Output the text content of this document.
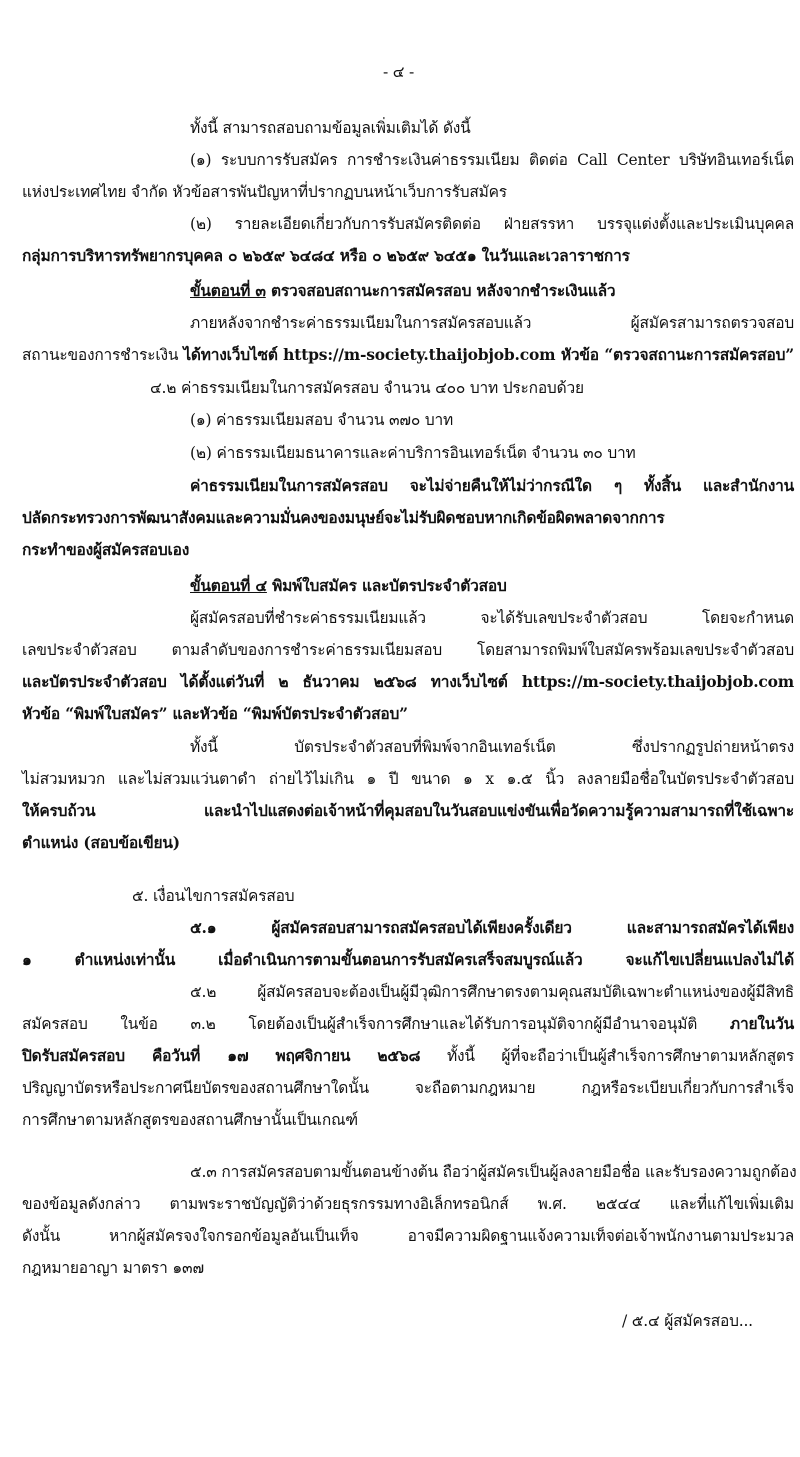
- ๔ -
ทั้งนี้ สามารถสอบถามข้อมูลเพิ่มเติมได้ ดังนี้
(๑) ระบบการรับสมัคร การชำระเงินค่าธรรมเนียม ติดต่อ Call Center บริษัทอินเทอร์เน็ต
แห่งประเทศไทย จำกัด หัวข้อสารพันปัญหาที่ปรากฏบนหน้าเว็บการรับสมัคร
(๒) รายละเอียดเกี่ยวกับการรับสมัครติดต่อ ฝ่ายสรรหา บรรจุแต่งตั้งและประเมินบุคคล
กลุ่มการบริหารทรัพยากรบุคคล ๐ ๒๖๕๙ ๖๔๘๔ หรือ ๐ ๒๖๕๙ ๖๔๕๑ ในวันและเวลาราชการ
ขั้นตอนที่ ๓ ตรวจสอบสถานะการสมัครสอบ หลังจากชำระเงินแล้ว
ภายหลังจากชำระค่าธรรมเนียมในการสมัครสอบแล้ว ผู้สมัครสามารถตรวจสอบ
สถานะของการชำระเงิน ได้ทางเว็บไซต์ https://m-society.thaijobjob.com หัวข้อ “ตรวจสถานะการสมัครสอบ”
๔.๒ ค่าธรรมเนียมในการสมัครสอบ จำนวน ๔๐๐ บาท ประกอบด้วย
(๑) ค่าธรรมเนียมสอบ จำนวน ๓๗๐ บาท
(๒) ค่าธรรมเนียมธนาคารและค่าบริการอินเทอร์เน็ต จำนวน ๓๐ บาท
ค่าธรรมเนียมในการสมัครสอบ จะไม่จ่ายคืนให้ไม่ว่ากรณีใด ๆ ทั้งสิ้น และสำนักงาน
ปลัดกระทรวงการพัฒนาสังคมและความมั่นคงของมนุษย์จะไม่รับผิดชอบหากเกิดข้อผิดพลาดจากการ
กระทำของผู้สมัครสอบเอง
ขั้นตอนที่ ๔ พิมพ์ใบสมัคร และบัตรประจำตัวสอบ
ผู้สมัครสอบที่ชำระค่าธรรมเนียมแล้ว จะได้รับเลขประจำตัวสอบ โดยจะกำหนด
เลขประจำตัวสอบ ตามลำดับของการชำระค่าธรรมเนียมสอบ โดยสามารถพิมพ์ใบสมัครพร้อมเลขประจำตัวสอบ
และบัตรประจำตัวสอบ ได้ตั้งแต่วันที่ ๒ ธันวาคม ๒๕๖๘ ทางเว็บไซต์ https://m-society.thaijobjob.com
หัวข้อ “พิมพ์ใบสมัคร” และหัวข้อ “พิมพ์บัตรประจำตัวสอบ”
ทั้งนี้ บัตรประจำตัวสอบที่พิมพ์จากอินเทอร์เน็ต ซึ่งปรากฏรูปถ่ายหน้าตรง
ไม่สวมหมวก และไม่สวมแว่นตาดำ ถ่ายไว้ไม่เกิน ๑ ปี ขนาด ๑ x ๑.๕ นิ้ว ลงลายมือชื่อในบัตรประจำตัวสอบ
ให้ครบถ้วน และนำไปแสดงต่อเจ้าหน้าที่คุมสอบในวันสอบแข่งขันเพื่อวัดความรู้ความสามารถที่ใช้เฉพาะ
ตำแหน่ง (สอบข้อเขียน)
๕. เงื่อนไขการสมัครสอบ
๕.๑ ผู้สมัครสอบสามารถสมัครสอบได้เพียงครั้งเดียว และสามารถสมัครได้เพียง
๑ ตำแหน่งเท่านั้น เมื่อดำเนินการตามขั้นตอนการรับสมัครเสร็จสมบูรณ์แล้ว จะแก้ไขเปลี่ยนแปลงไม่ได้
๕.๒ ผู้สมัครสอบจะต้องเป็นผู้มีวุฒิการศึกษาตรงตามคุณสมบัติเฉพาะตำแหน่งของผู้มีสิทธิ
สมัครสอบ ในข้อ ๓.๒ โดยต้องเป็นผู้สำเร็จการศึกษาและได้รับการอนุมัติจากผู้มีอำนาจอนุมัติ ภายในวัน
ปิดรับสมัครสอบ คือวันที่ ๑๗ พฤศจิกายน ๒๕๖๘ ทั้งนี้ ผู้ที่จะถือว่าเป็นผู้สำเร็จการศึกษาตามหลักสูตร
ปริญญาบัตรหรือประกาศนียบัตรของสถานศึกษาใดนั้น จะถือตามกฎหมาย กฎหรือระเบียบเกี่ยวกับการสำเร็จ
การศึกษาตามหลักสูตรของสถานศึกษานั้นเป็นเกณฑ์
๕.๓ การสมัครสอบตามขั้นตอนข้างต้น ถือว่าผู้สมัครเป็นผู้ลงลายมือชื่อ และรับรองความถูกต้อง
ของข้อมูลดังกล่าว ตามพระราชบัญญัติว่าด้วยธุรกรรมทางอิเล็กทรอนิกส์ พ.ศ. ๒๕๔๔ และที่แก้ไขเพิ่มเติม
ดังนั้น หากผู้สมัครจงใจกรอกข้อมูลอันเป็นเท็จ อาจมีความผิดฐานแจ้งความเท็จต่อเจ้าพนักงานตามประมวล
กฎหมายอาญา มาตรา ๑๓๗
/ ๕.๔ ผู้สมัครสอบ...
